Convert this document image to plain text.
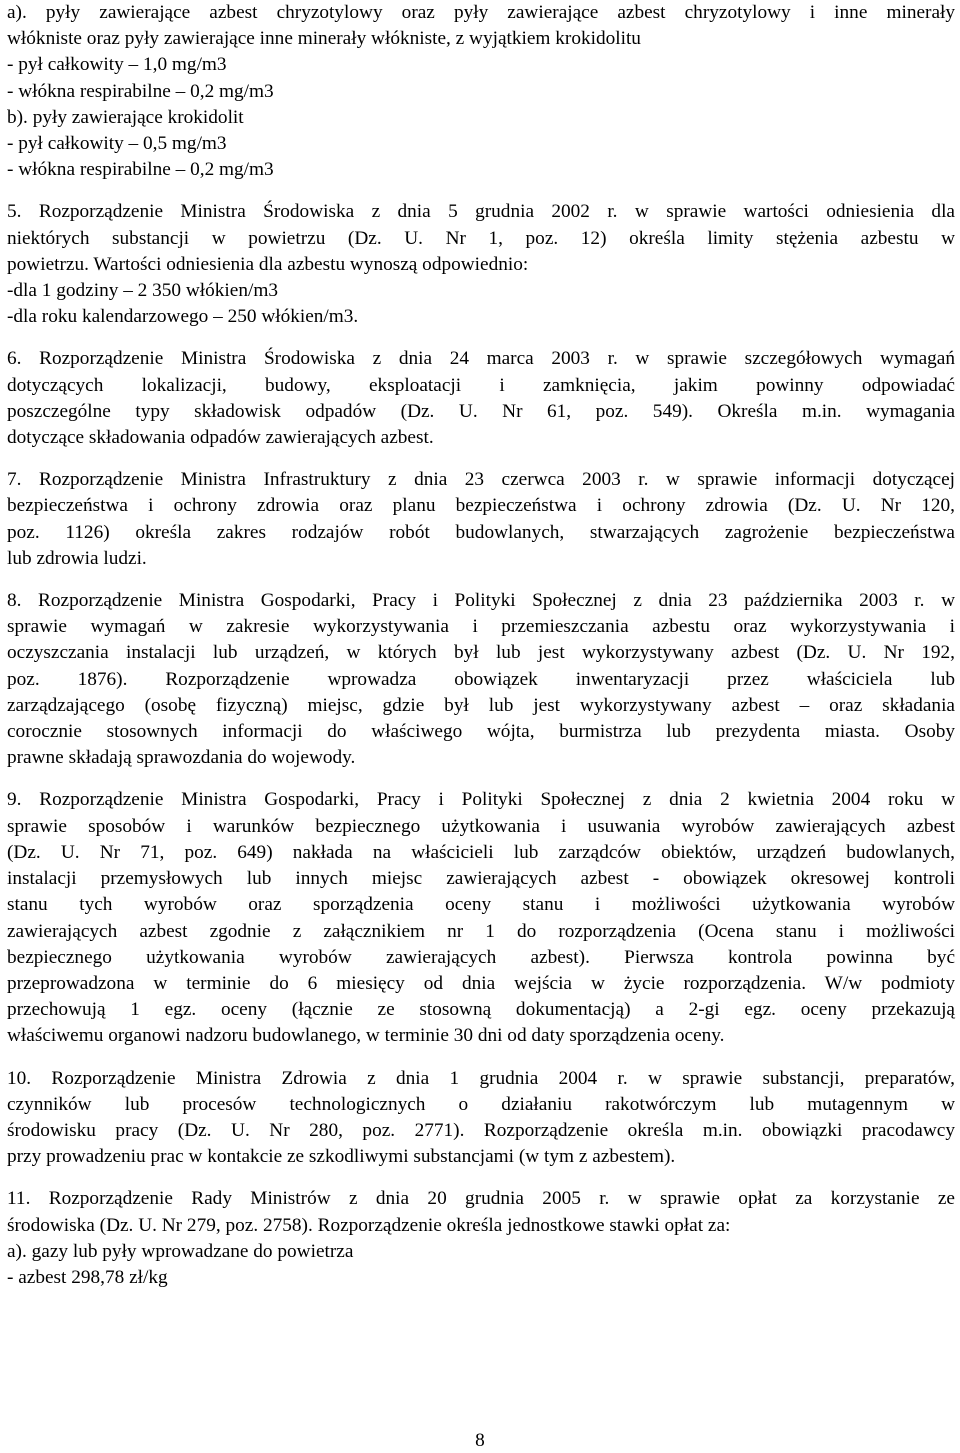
a). pyły zawierające azbest chryzotylowy oraz pyły zawierające azbest chryzotylowy i inne minerały
włókniste oraz pyły zawierające inne minerały włókniste, z wyjątkiem krokidolitu
- pył całkowity – 1,0 mg/m3
- włókna respirabilne – 0,2 mg/m3
b). pyły zawierające krokidolit
- pył całkowity – 0,5 mg/m3
- włókna respirabilne – 0,2 mg/m3
5. Rozporządzenie Ministra Środowiska z dnia 5 grudnia 2002 r. w sprawie wartości odniesienia dla
niektórych substancji w powietrzu (Dz. U. Nr 1, poz. 12) określa limity stężenia azbestu w
powietrzu. Wartości odniesienia dla azbestu wynoszą odpowiednio:
-dla 1 godziny – 2 350 włókien/m3
-dla roku kalendarzowego – 250 włókien/m3.
6. Rozporządzenie Ministra Środowiska z dnia 24 marca 2003 r. w sprawie szczegółowych wymagań
dotyczących lokalizacji, budowy, eksploatacji i zamknięcia, jakim powinny odpowiadać
poszczególne typy składowisk odpadów (Dz. U. Nr 61, poz. 549). Określa m.in. wymagania
dotyczące składowania odpadów zawierających azbest.
7. Rozporządzenie Ministra Infrastruktury z dnia 23 czerwca 2003 r. w sprawie informacji dotyczącej
bezpieczeństwa i ochrony zdrowia oraz planu bezpieczeństwa i ochrony zdrowia (Dz. U. Nr 120,
poz. 1126) określa zakres rodzajów robót budowlanych, stwarzających zagrożenie bezpieczeństwa
lub zdrowia ludzi.
8. Rozporządzenie Ministra Gospodarki, Pracy i Polityki Społecznej z dnia 23 października 2003 r. w
sprawie wymagań w zakresie wykorzystywania i przemieszczania azbestu oraz wykorzystywania i
oczyszczania instalacji lub urządzeń, w których był lub jest wykorzystywany azbest (Dz. U. Nr 192,
poz. 1876). Rozporządzenie wprowadza obowiązek inwentaryzacji przez właściciela lub
zarządzającego (osobę fizyczną) miejsc, gdzie był lub jest wykorzystywany azbest – oraz składania
corocznie stosownych informacji do właściwego wójta, burmistrza lub prezydenta miasta. Osoby
prawne składają sprawozdania do wojewody.
9. Rozporządzenie Ministra Gospodarki, Pracy i Polityki Społecznej z dnia 2 kwietnia 2004 roku w
sprawie sposobów i warunków bezpiecznego użytkowania i usuwania wyrobów zawierających azbest
(Dz. U. Nr 71, poz. 649) nakłada na właścicieli lub zarządców obiektów, urządzeń budowlanych,
instalacji przemysłowych lub innych miejsc zawierających azbest - obowiązek okresowej kontroli
stanu tych wyrobów oraz sporządzenia oceny stanu i możliwości użytkowania wyrobów
zawierających azbest zgodnie z załącznikiem nr 1 do rozporządzenia (Ocena stanu i możliwości
bezpiecznego użytkowania wyrobów zawierających azbest). Pierwsza kontrola powinna być
przeprowadzona w terminie do 6 miesięcy od dnia wejścia w życie rozporządzenia. W/w podmioty
przechowują 1 egz. oceny (łącznie ze stosowną dokumentacją) a 2-gi egz. oceny przekazują
właściwemu organowi nadzoru budowlanego, w terminie 30 dni od daty sporządzenia oceny.
10. Rozporządzenie Ministra Zdrowia z dnia 1 grudnia 2004 r. w sprawie substancji, preparatów,
czynników lub procesów technologicznych o działaniu rakotwórczym lub mutagennym w
środowisku pracy (Dz. U. Nr 280, poz. 2771). Rozporządzenie określa m.in. obowiązki pracodawcy
przy prowadzeniu prac w kontakcie ze szkodliwymi substancjami (w tym z azbestem).
11. Rozporządzenie Rady Ministrów z dnia 20 grudnia 2005 r. w sprawie opłat za korzystanie ze
środowiska (Dz. U. Nr 279, poz. 2758). Rozporządzenie określa jednostkowe stawki opłat za:
a). gazy lub pyły wprowadzane do powietrza
- azbest 298,78 zł/kg
8
